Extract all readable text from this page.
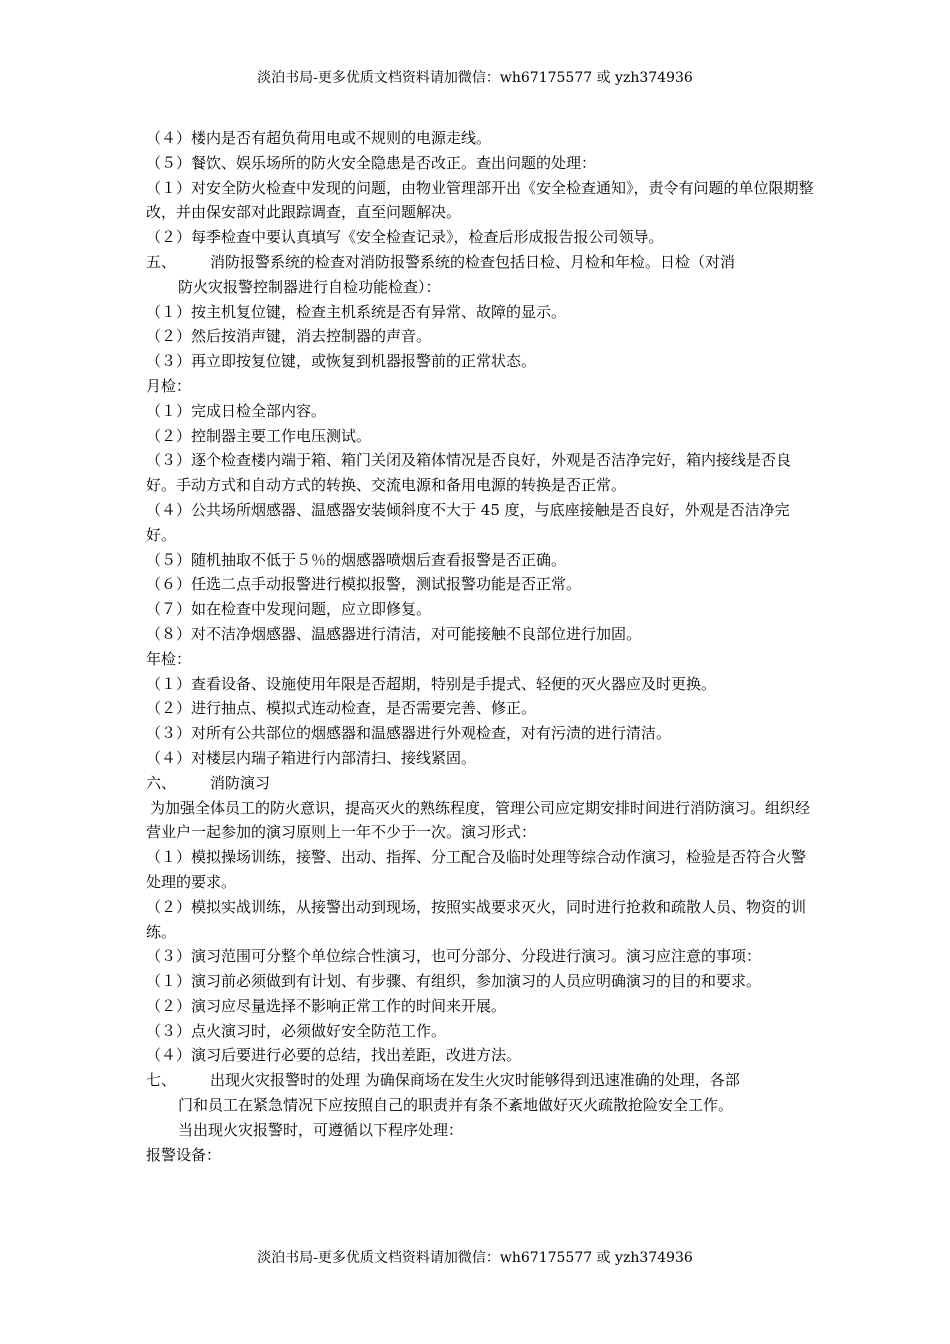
淡泊书局-更多优质文档资料请加微信：wh67175577 或 yzh374936

（４）楼内是否有超负荷用电或不规则的电源走线。

（５）餐饮、娱乐场所的防火安全隐患是否改正。查出问题的处理：

（１）对安全防火检查中发现的问题，由物业管理部开出《安全检查通知》，责令有问题的单位限期整改，并由保安部对此跟踪调查，直至问题解决。

（２）每季检查中要认真填写《安全检查记录》，检查后形成报告报公司领导。

五、	消防报警系统的检查对消防报警系统的检查包括日检、月检和年检。日检（对消

防火灾报警控制器进行自检功能检查）：

（１）按主机复位键，检查主机系统是否有异常、故障的显示。

（２）然后按消声键，消去控制器的声音。

（３）再立即按复位键，或恢复到机器报警前的正常状态。

月检：

（１）完成日检全部内容。

（２）控制器主要工作电压测试。

（３）逐个检查楼内端于箱、箱门关闭及箱体情况是否良好，外观是否洁净完好，箱内接线是否良好。手动方式和自动方式的转换、交流电源和备用电源的转换是否正常。

（４）公共场所烟感器、温感器安装倾斜度不大于 45 度，与底座接触是否良好，外观是否洁净完好。

（５）随机抽取不低于５％的烟感器喷烟后查看报警是否正确。

（６）任选二点手动报警进行模拟报警，测试报警功能是否正常。

（７）如在检查中发现问题，应立即修复。

（８）对不洁净烟感器、温感器进行清洁，对可能接触不良部位进行加固。

年检：

（１）查看设备、设施使用年限是否超期，特别是手提式、轻便的灭火器应及时更换。

（２）进行抽点、模拟式连动检查，是否需要完善、修正。

（３）对所有公共部位的烟感器和温感器进行外观检查，对有污渍的进行清洁。

（４）对楼层内瑞子箱进行内部清扫、接线紧固。

六、	消防演习

为加强全体员工的防火意识，提高灭火的熟练程度，管理公司应定期安排时间进行消防演习。组织经营业户一起参加的演习原则上一年不少于一次。演习形式：

（１）模拟操场训练，接警、出动、指挥、分工配合及临时处理等综合动作演习，检验是否符合火警处理的要求。

（２）模拟实战训练，从接警出动到现场，按照实战要求灭火，同时进行抢救和疏散人员、物资的训练。

（３）演习范围可分整个单位综合性演习，也可分部分、分段进行演习。演习应注意的事项：

（１）演习前必须做到有计划、有步骤、有组织，参加演习的人员应明确演习的目的和要求。

（２）演习应尽量选择不影响正常工作的时间来开展。

（３）点火演习时，必须做好安全防范工作。

（４）演习后要进行必要的总结，找出差距，改进方法。

七、	出现火灾报警时的处理 为确保商场在发生火灾时能够得到迅速准确的处理，各部

门和员工在紧急情况下应按照自己的职责并有条不紊地做好灭火疏散抢险安全工作。

当出现火灾报警时，可遵循以下程序处理：

报警设备：

淡泊书局-更多优质文档资料请加微信：wh67175577 或 yzh374936
